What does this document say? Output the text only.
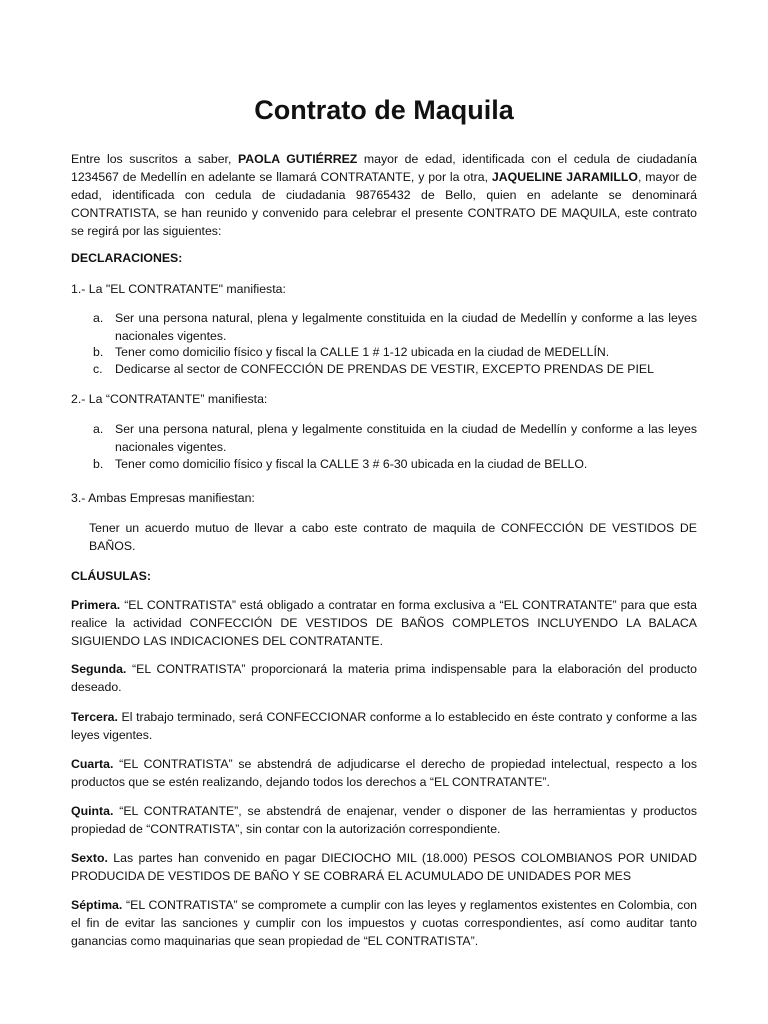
Contrato de Maquila

Entre los suscritos a saber, PAOLA GUTIÉRREZ mayor de edad, identificada con el cedula de ciudadanía 1234567 de Medellín en adelante se llamará CONTRATANTE, y por la otra, JAQUELINE JARAMILLO, mayor de edad, identificada con cedula de ciudadania 98765432 de Bello, quien en adelante se denominará CONTRATISTA, se han reunido y convenido para celebrar el presente CONTRATO DE MAQUILA, este contrato se regirá por las siguientes:

DECLARACIONES:
1.- La "EL CONTRATANTE" manifiesta:
a. Ser una persona natural, plena y legalmente constituida en la ciudad de Medellín y conforme a las leyes nacionales vigentes.
b. Tener como domicilio físico y fiscal la CALLE 1 # 1-12 ubicada en la ciudad de MEDELLÍN.
c.	Dedicarse al sector de CONFECCIÓN DE PRENDAS DE VESTIR, EXCEPTO PRENDAS DE PIEL
2.- La “CONTRATANTE” manifiesta:
a. Ser una persona natural, plena y legalmente constituida en la ciudad de Medellín y conforme a las leyes nacionales vigentes.
b. Tener como domicilio físico y fiscal la CALLE 3 # 6-30 ubicada en la ciudad de BELLO.
3.- Ambas Empresas manifiestan:
Tener un acuerdo mutuo de llevar a cabo este contrato de maquila de CONFECCIÓN DE VESTIDOS DE BAÑOS.
CLÁUSULAS:

Primera. “EL CONTRATISTA” está obligado a contratar en forma exclusiva a “EL CONTRATANTE” para que esta realice la actividad CONFECCIÓN DE VESTIDOS DE BAÑOS COMPLETOS INCLUYENDO LA BALACA SIGUIENDO LAS INDICACIONES DEL CONTRATANTE.

Segunda. “EL CONTRATISTA” proporcionará la materia prima indispensable para la elaboración del producto deseado.

Tercera. El trabajo terminado, será CONFECCIONAR conforme a lo establecido en éste contrato y conforme a las leyes vigentes.

Cuarta. “EL CONTRATISTA” se abstendrá de adjudicarse el derecho de propiedad intelectual, respecto a los productos que se estén realizando, dejando todos los derechos a “EL CONTRATANTE”.

Quinta. “EL CONTRATANTE”, se abstendrá de enajenar, vender o disponer de las herramientas y productos propiedad de “CONTRATISTA”, sin contar con la autorización correspondiente.

Sexto. Las partes han convenido en pagar DIECIOCHO MIL (18.000) PESOS COLOMBIANOS POR UNIDAD PRODUCIDA DE VESTIDOS DE BAÑO Y SE COBRARÁ EL ACUMULADO DE UNIDADES POR MES

Séptima. “EL CONTRATISTA” se compromete a cumplir con las leyes y reglamentos existentes en Colombia, con el fin de evitar las sanciones y cumplir con los impuestos y cuotas correspondientes, así como auditar tanto ganancias como maquinarias que sean propiedad de “EL CONTRATISTA”.
